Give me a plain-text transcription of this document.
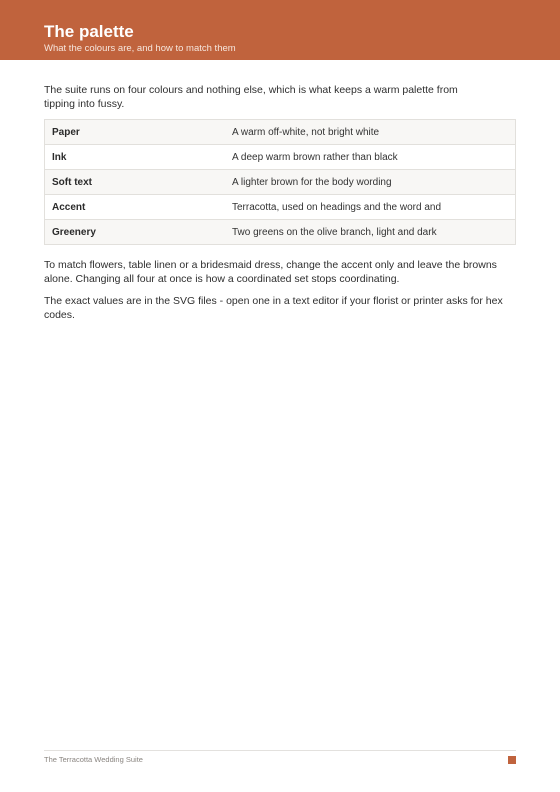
The palette
What the colours are, and how to match them

The suite runs on four colours and nothing else, which is what keeps a warm palette from tipping into fussy.

Paper	A warm off-white, not bright white
Ink	A deep warm brown rather than black
Soft text	A lighter brown for the body wording
Accent	Terracotta, used on headings and the word and
Greenery	Two greens on the olive branch, light and dark

To match flowers, table linen or a bridesmaid dress, change the accent only and leave the browns alone. Changing all four at once is how a coordinated set stops coordinating.

The exact values are in the SVG files - open one in a text editor if your florist or printer asks for hex codes.

The Terracotta Wedding Suite
